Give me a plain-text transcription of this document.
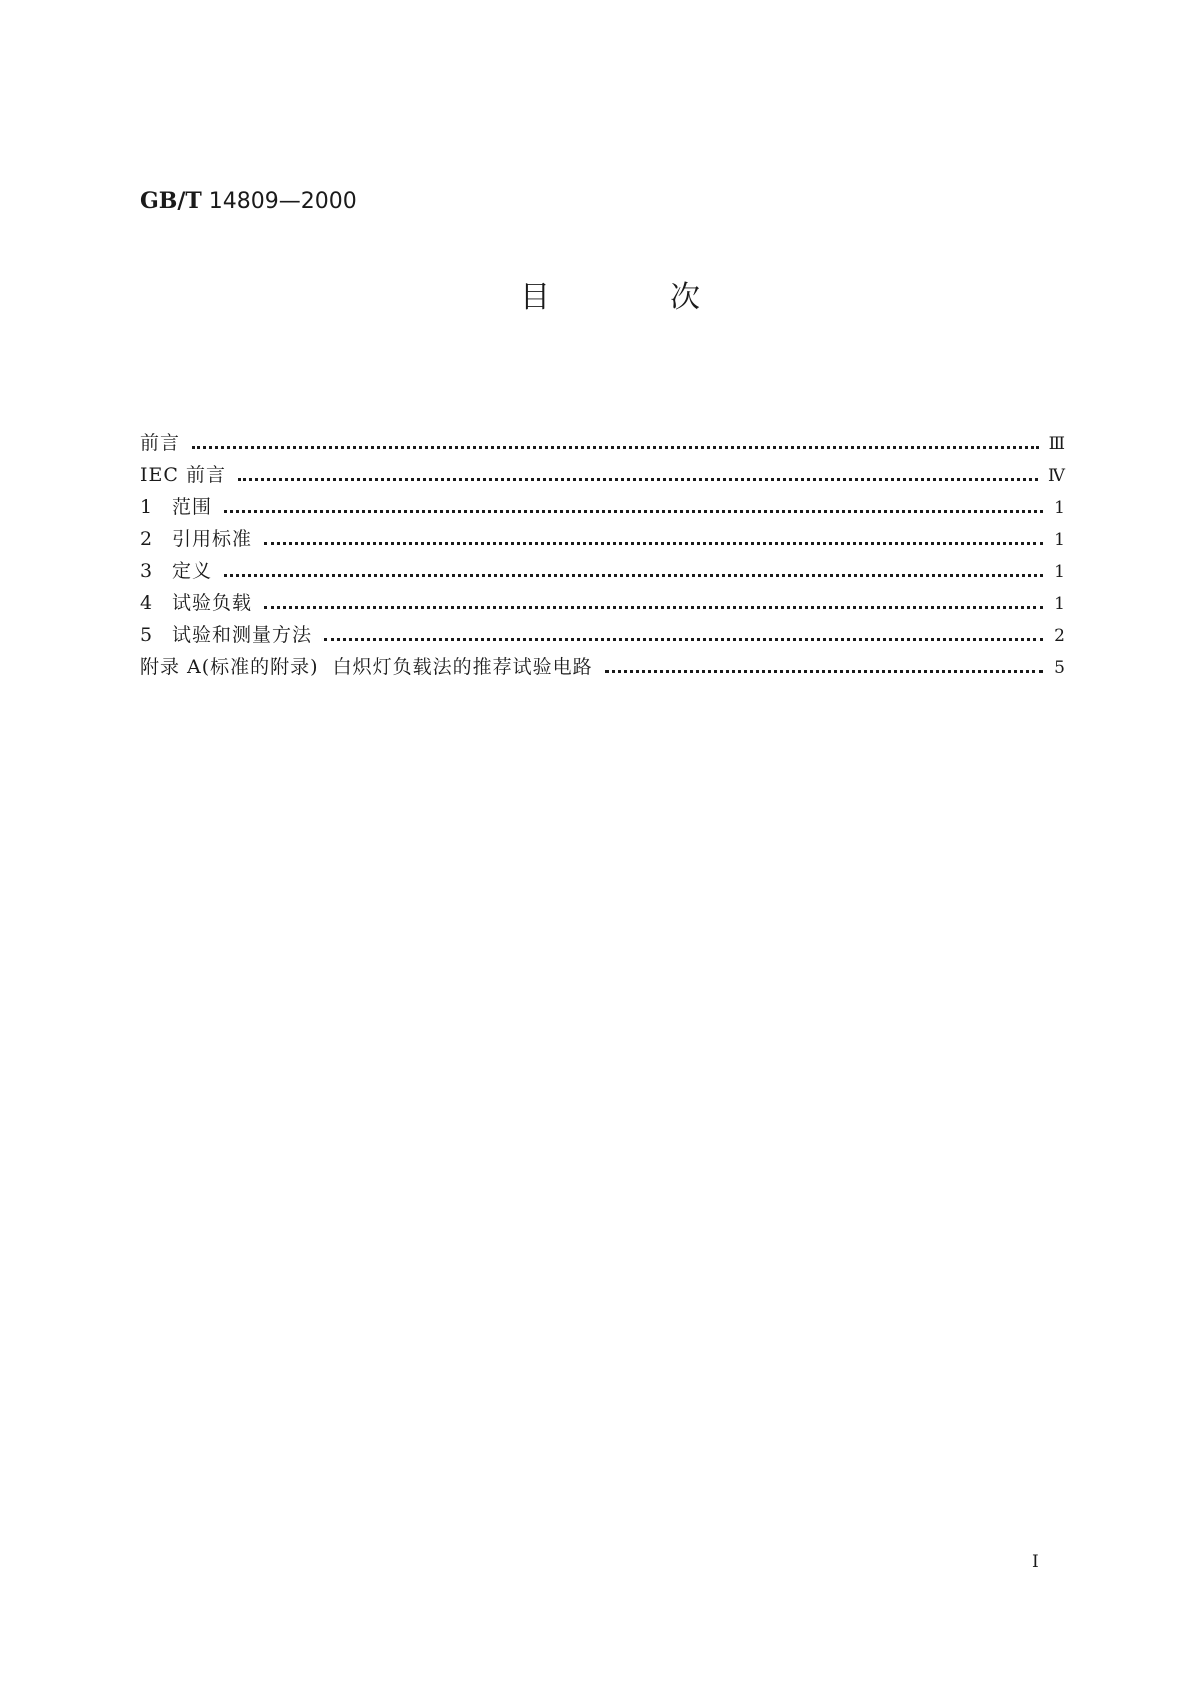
GB/T 14809—2000
目	次
前言	Ⅲ
IEC 前言	Ⅳ
1	范围	1
2	引用标准	1
3	定义	1
4	试验负载	1
5	试验和测量方法	2
附录 A(标准的附录)  白炽灯负载法的推荐试验电路	5
Ⅰ
